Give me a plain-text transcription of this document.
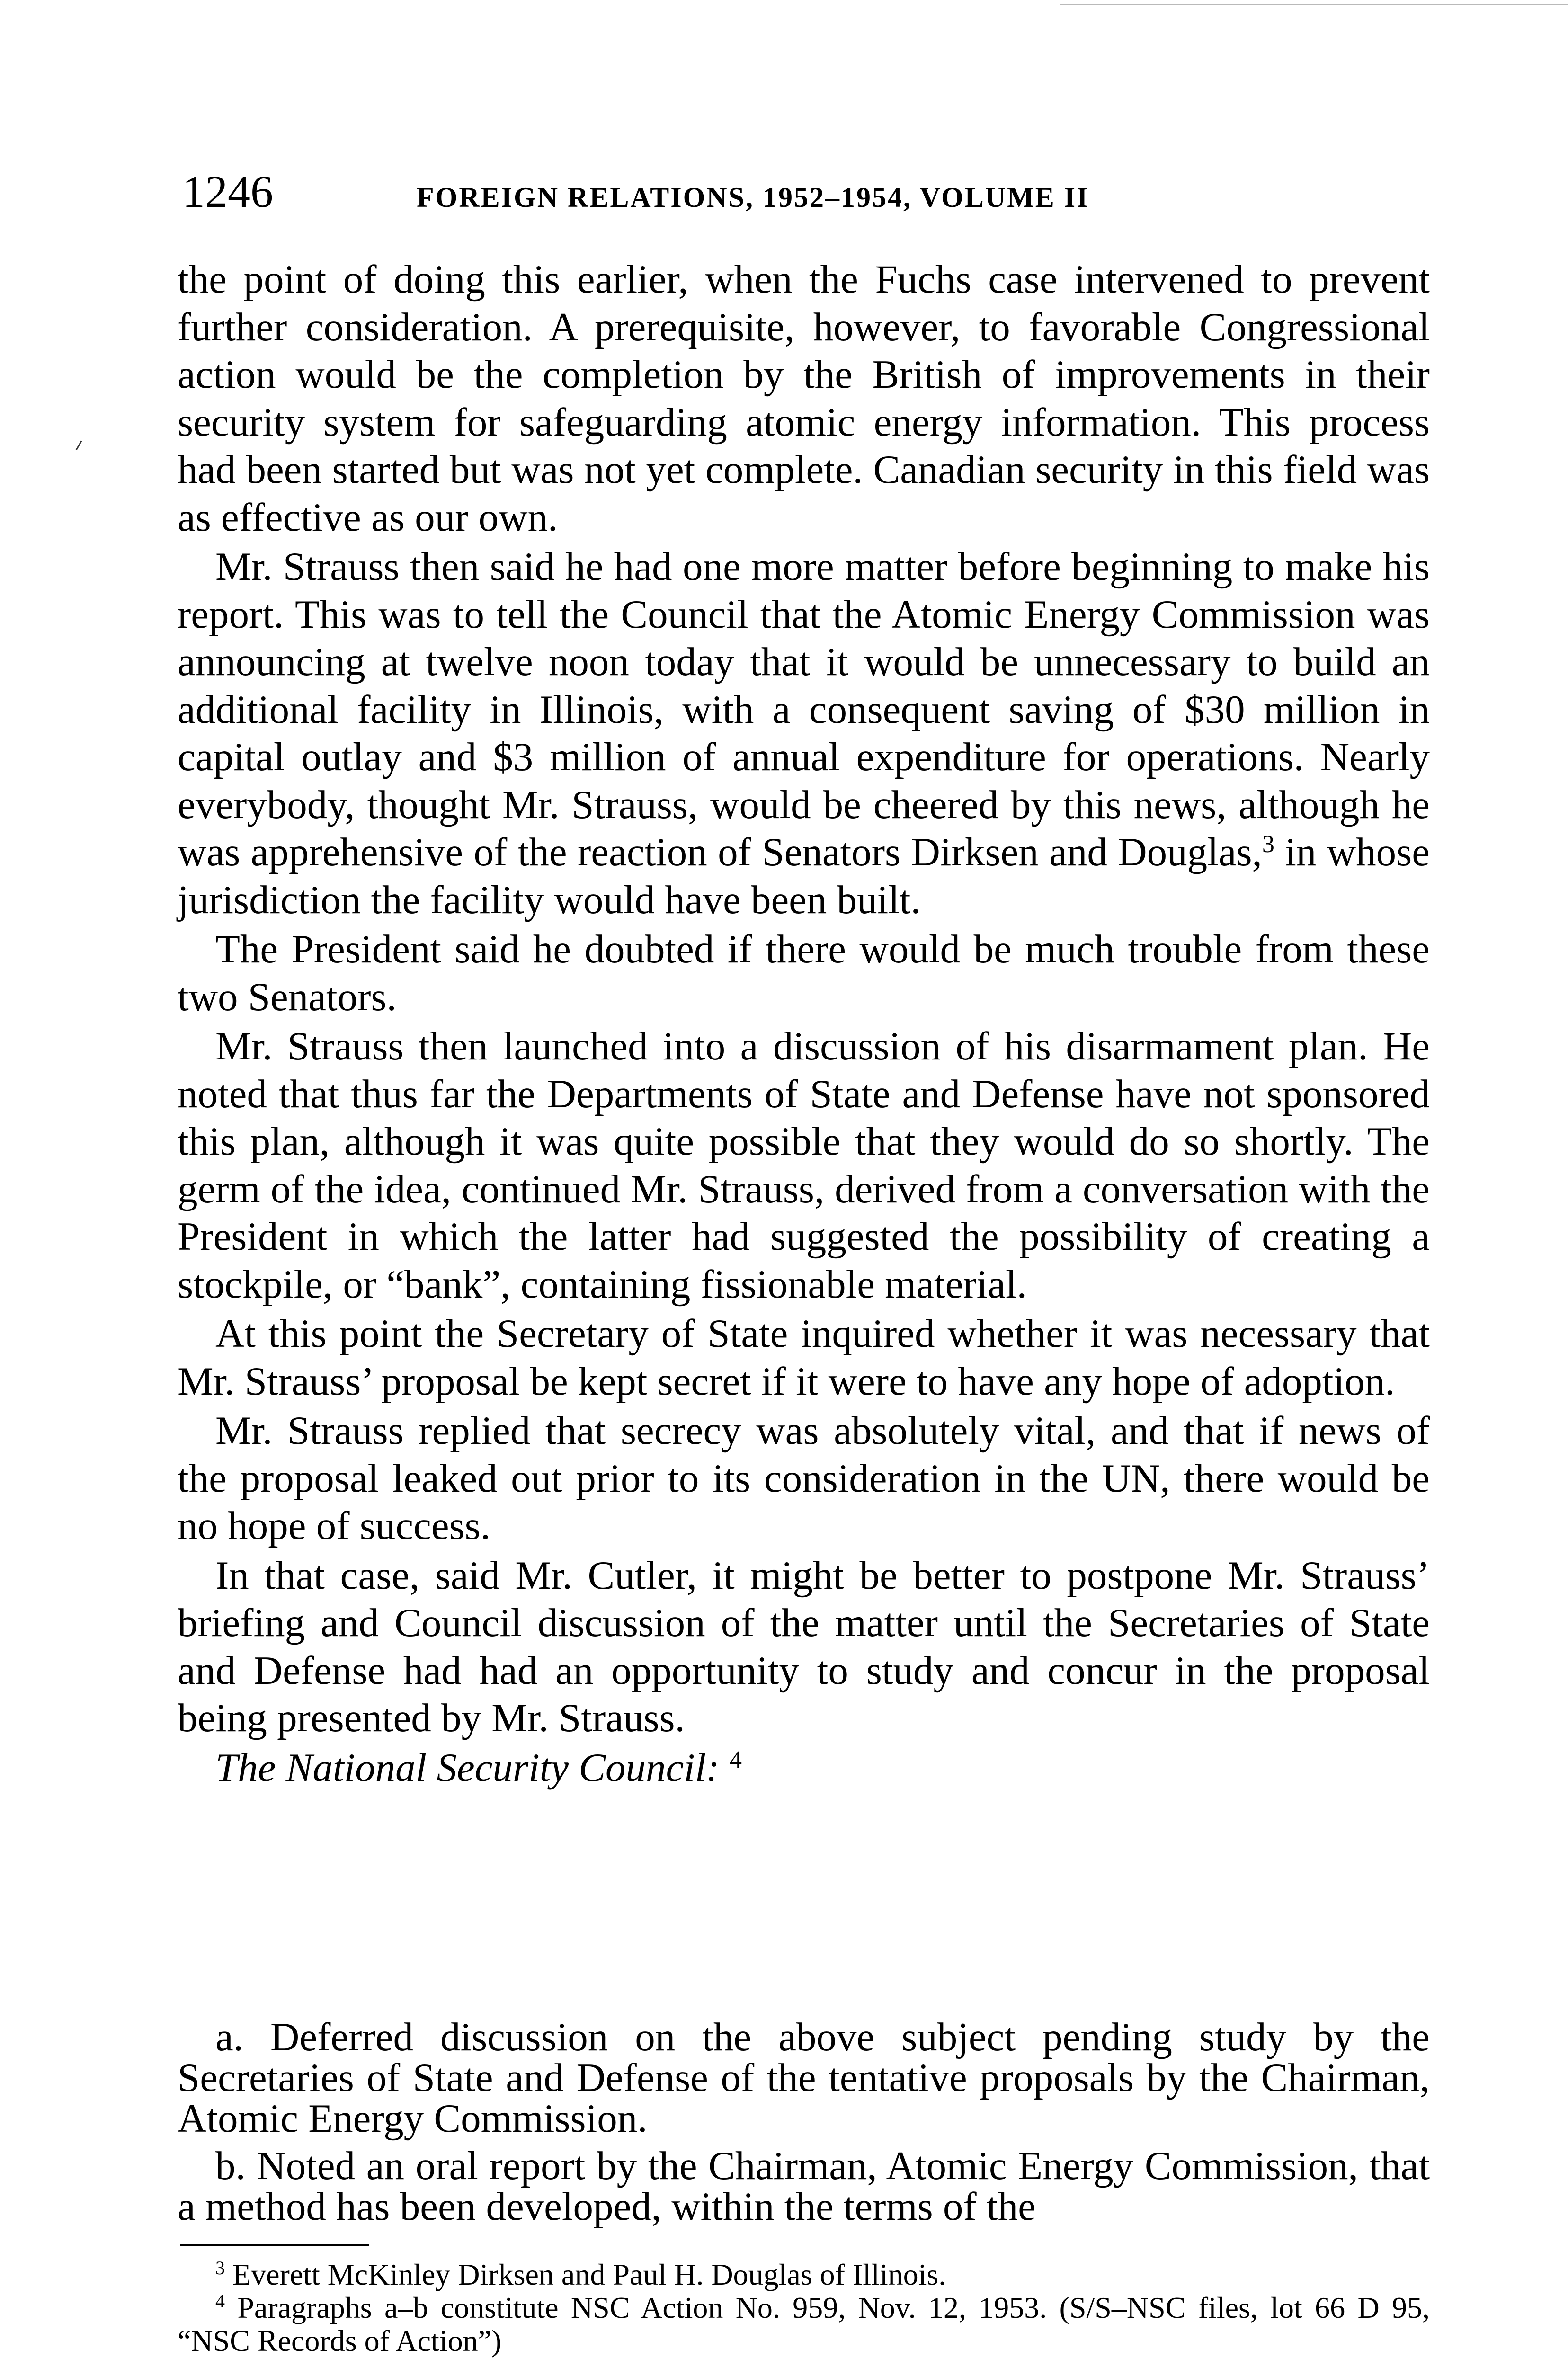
1246	FOREIGN RELATIONS, 1952–1954, VOLUME II

the point of doing this earlier, when the Fuchs case intervened to prevent further consideration. A prerequisite, however, to favorable Congressional action would be the completion by the British of improvements in their security system for safeguarding atomic energy information. This process had been started but was not yet complete. Canadian security in this field was as effective as our own.

Mr. Strauss then said he had one more matter before beginning to make his report. This was to tell the Council that the Atomic Energy Commission was announcing at twelve noon today that it would be unnecessary to build an additional facility in Illinois, with a consequent saving of $30 million in capital outlay and $3 million of annual expenditure for operations. Nearly everybody, thought Mr. Strauss, would be cheered by this news, although he was apprehensive of the reaction of Senators Dirksen and Douglas,$^3$ in whose jurisdiction the facility would have been built.

The President said he doubted if there would be much trouble from these two Senators.

Mr. Strauss then launched into a discussion of his disarmament plan. He noted that thus far the Departments of State and Defense have not sponsored this plan, although it was quite possible that they would do so shortly. The germ of the idea, continued Mr. Strauss, derived from a conversation with the President in which the latter had suggested the possibility of creating a stockpile, or “bank”, containing fissionable material.

At this point the Secretary of State inquired whether it was necessary that Mr. Strauss’ proposal be kept secret if it were to have any hope of adoption.

Mr. Strauss replied that secrecy was absolutely vital, and that if news of the proposal leaked out prior to its consideration in the UN, there would be no hope of success.

In that case, said Mr. Cutler, it might be better to postpone Mr. Strauss’ briefing and Council discussion of the matter until the Secretaries of State and Defense had had an opportunity to study and concur in the proposal being presented by Mr. Strauss.

The National Security Council: $^4$

a. Deferred discussion on the above subject pending study by the Secretaries of State and Defense of the tentative proposals by the Chairman, Atomic Energy Commission.

b. Noted an oral report by the Chairman, Atomic Energy Commission, that a method has been developed, within the terms of the

$^3$ Everett McKinley Dirksen and Paul H. Douglas of Illinois.

$^4$ Paragraphs a–b constitute NSC Action No. 959, Nov. 12, 1953. (S/S–NSC files, lot 66 D 95, “NSC Records of Action”)
